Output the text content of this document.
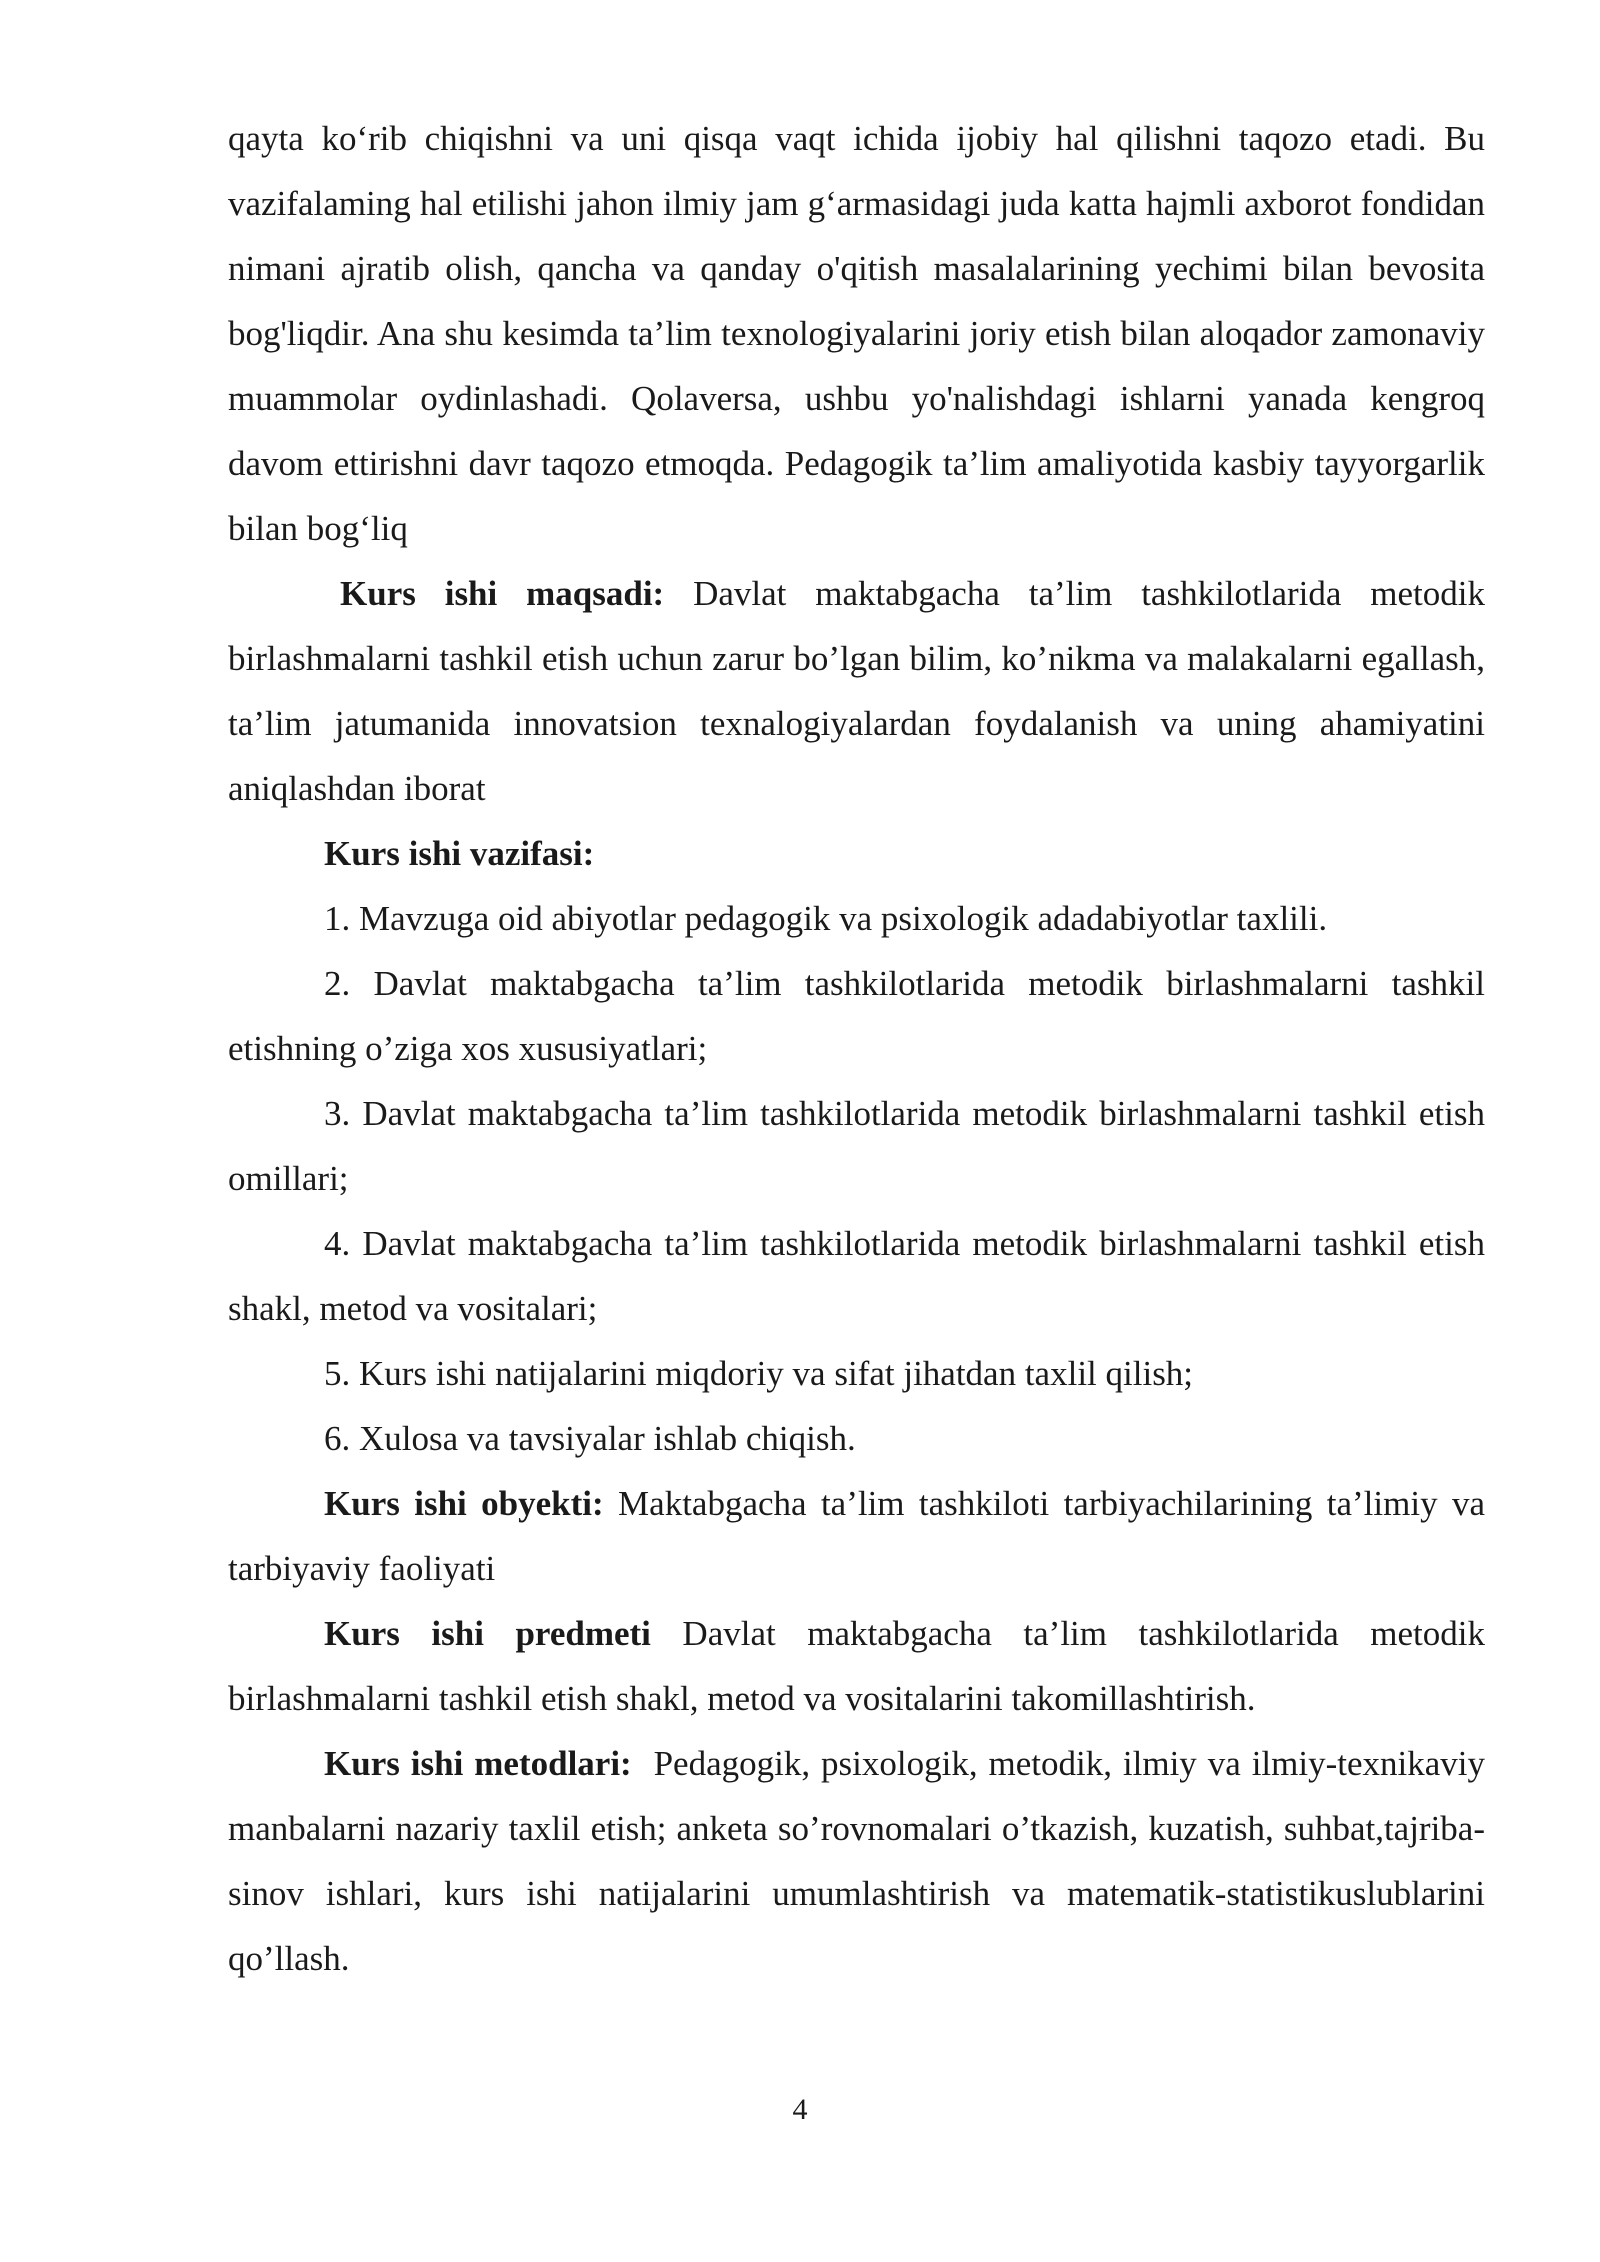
qayta ko‘rib chiqishni va uni qisqa vaqt ichida ijobiy hal qilishni taqozo etadi. Bu vazifalaming hal etilishi jahon ilmiy jam g‘armasidagi juda katta hajmli axborot fondidan nimani ajratib olish, qancha va qanday o'qitish masalalarining yechimi bilan bevosita bog'liqdir. Ana shu kesimda ta’lim texnologiyalarini joriy etish bilan aloqador zamonaviy muammolar oydinlashadi. Qolaversa, ushbu yo'nalishdagi ishlarni yanada kengroq davom ettirishni davr taqozo etmoqda. Pedagogik ta’lim amaliyotida kasbiy tayyorgarlik bilan bog‘liq

Kurs ishi maqsadi: Davlat maktabgacha ta’lim tashkilotlarida metodik birlashmalarni tashkil etish uchun zarur bo’lgan bilim, ko’nikma va malakalarni egallash, ta’lim jatumanida innovatsion texnalogiyalardan foydalanish va uning ahamiyatini aniqlashdan iborat

Kurs ishi vazifasi:

1. Mavzuga oid abiyotlar pedagogik va psixologik adadabiyotlar taxlili.

2. Davlat maktabgacha ta’lim tashkilotlarida metodik birlashmalarni tashkil etishning o’ziga xos xususiyatlari;

3. Davlat maktabgacha ta’lim tashkilotlarida metodik birlashmalarni tashkil etish omillari;

4. Davlat maktabgacha ta’lim tashkilotlarida metodik birlashmalarni tashkil etish shakl, metod va vositalari;

5. Kurs ishi natijalarini miqdoriy va sifat jihatdan taxlil qilish;

6. Xulosa va tavsiyalar ishlab chiqish.

Kurs ishi obyekti: Maktabgacha ta’lim tashkiloti tarbiyachilarining ta’limiy va tarbiyaviy faoliyati

Kurs ishi predmeti Davlat maktabgacha ta’lim tashkilotlarida metodik birlashmalarni tashkil etish shakl, metod va vositalarini takomillashtirish.

Kurs ishi metodlari:  Pedagogik, psixologik, metodik, ilmiy va ilmiy-texnikaviy manbalarni nazariy taxlil etish; anketa so’rovnomalari o’tkazish, kuzatish, suhbat,tajriba-sinov ishlari, kurs ishi natijalarini umumlashtirish va matematik-statistikuslublarini qo’llash.

4
